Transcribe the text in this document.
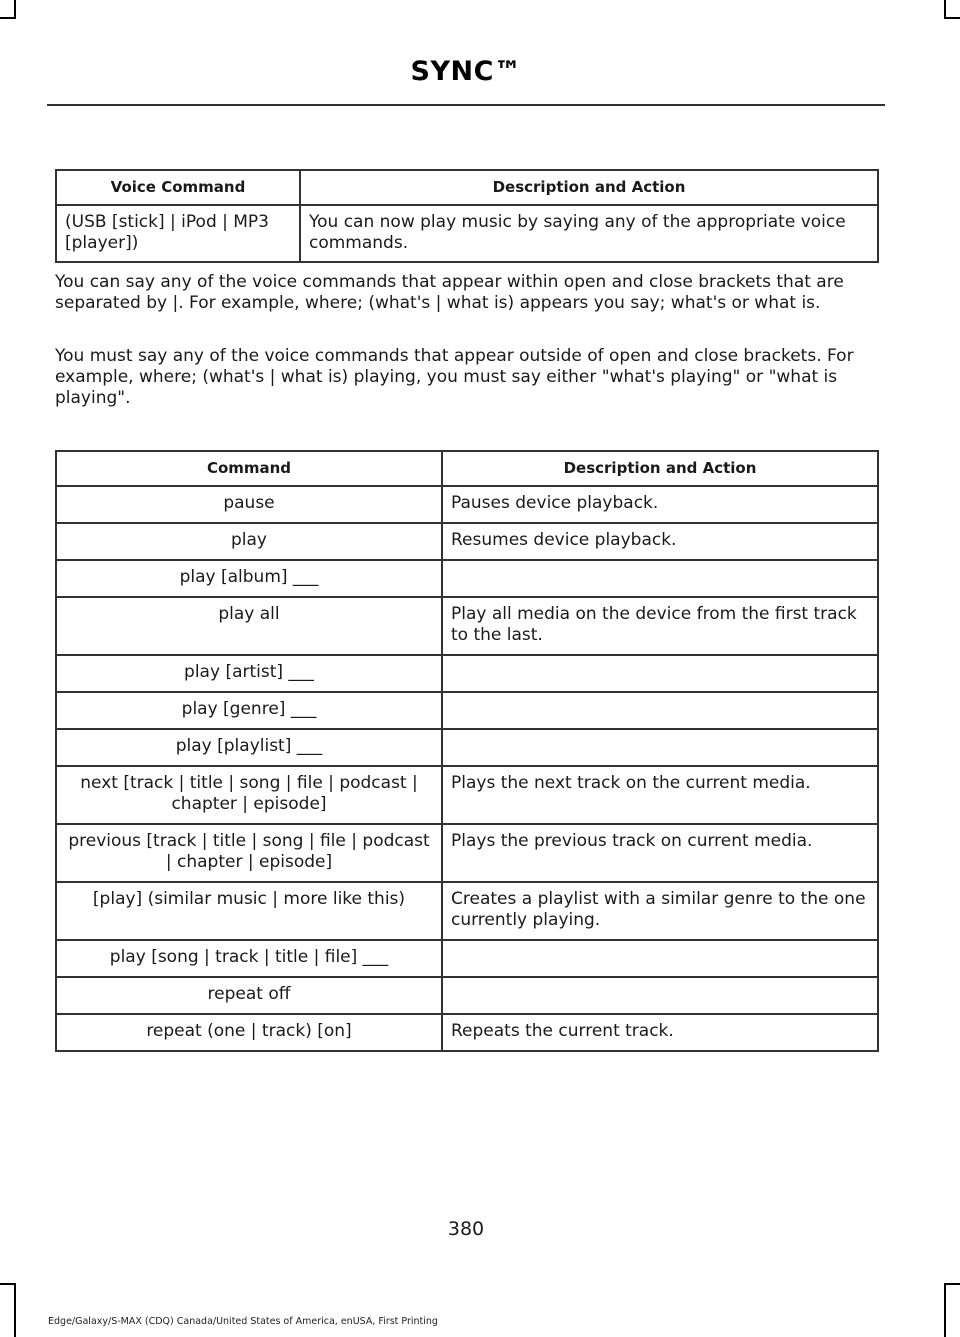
SYNC™
Voice Command	Description and Action
(USB [stick] | iPod | MP3 [player])	You can now play music by saying any of the appropriate voice commands.

You can say any of the voice commands that appear within open and close brackets that are separated by |. For example, where; (what's | what is) appears you say; what's or what is.

You must say any of the voice commands that appear outside of open and close brackets. For example, where; (what's | what is) playing, you must say either "what's playing" or "what is playing".

Command	Description and Action
pause	Pauses device playback.
play	Resumes device playback.
play [album] ___	
play all	Play all media on the device from the first track to the last.
play [artist] ___	
play [genre] ___	
play [playlist] ___	
next [track | title | song | file | podcast | chapter | episode]	Plays the next track on the current media.
previous [track | title | song | file | podcast | chapter | episode]	Plays the previous track on current media.
[play] (similar music | more like this)	Creates a playlist with a similar genre to the one currently playing.
play [song | track | title | file] ___	
repeat off	
repeat (one | track) [on]	Repeats the current track.
380
Edge/Galaxy/S-MAX (CDQ) Canada/United States of America, enUSA, First Printing
